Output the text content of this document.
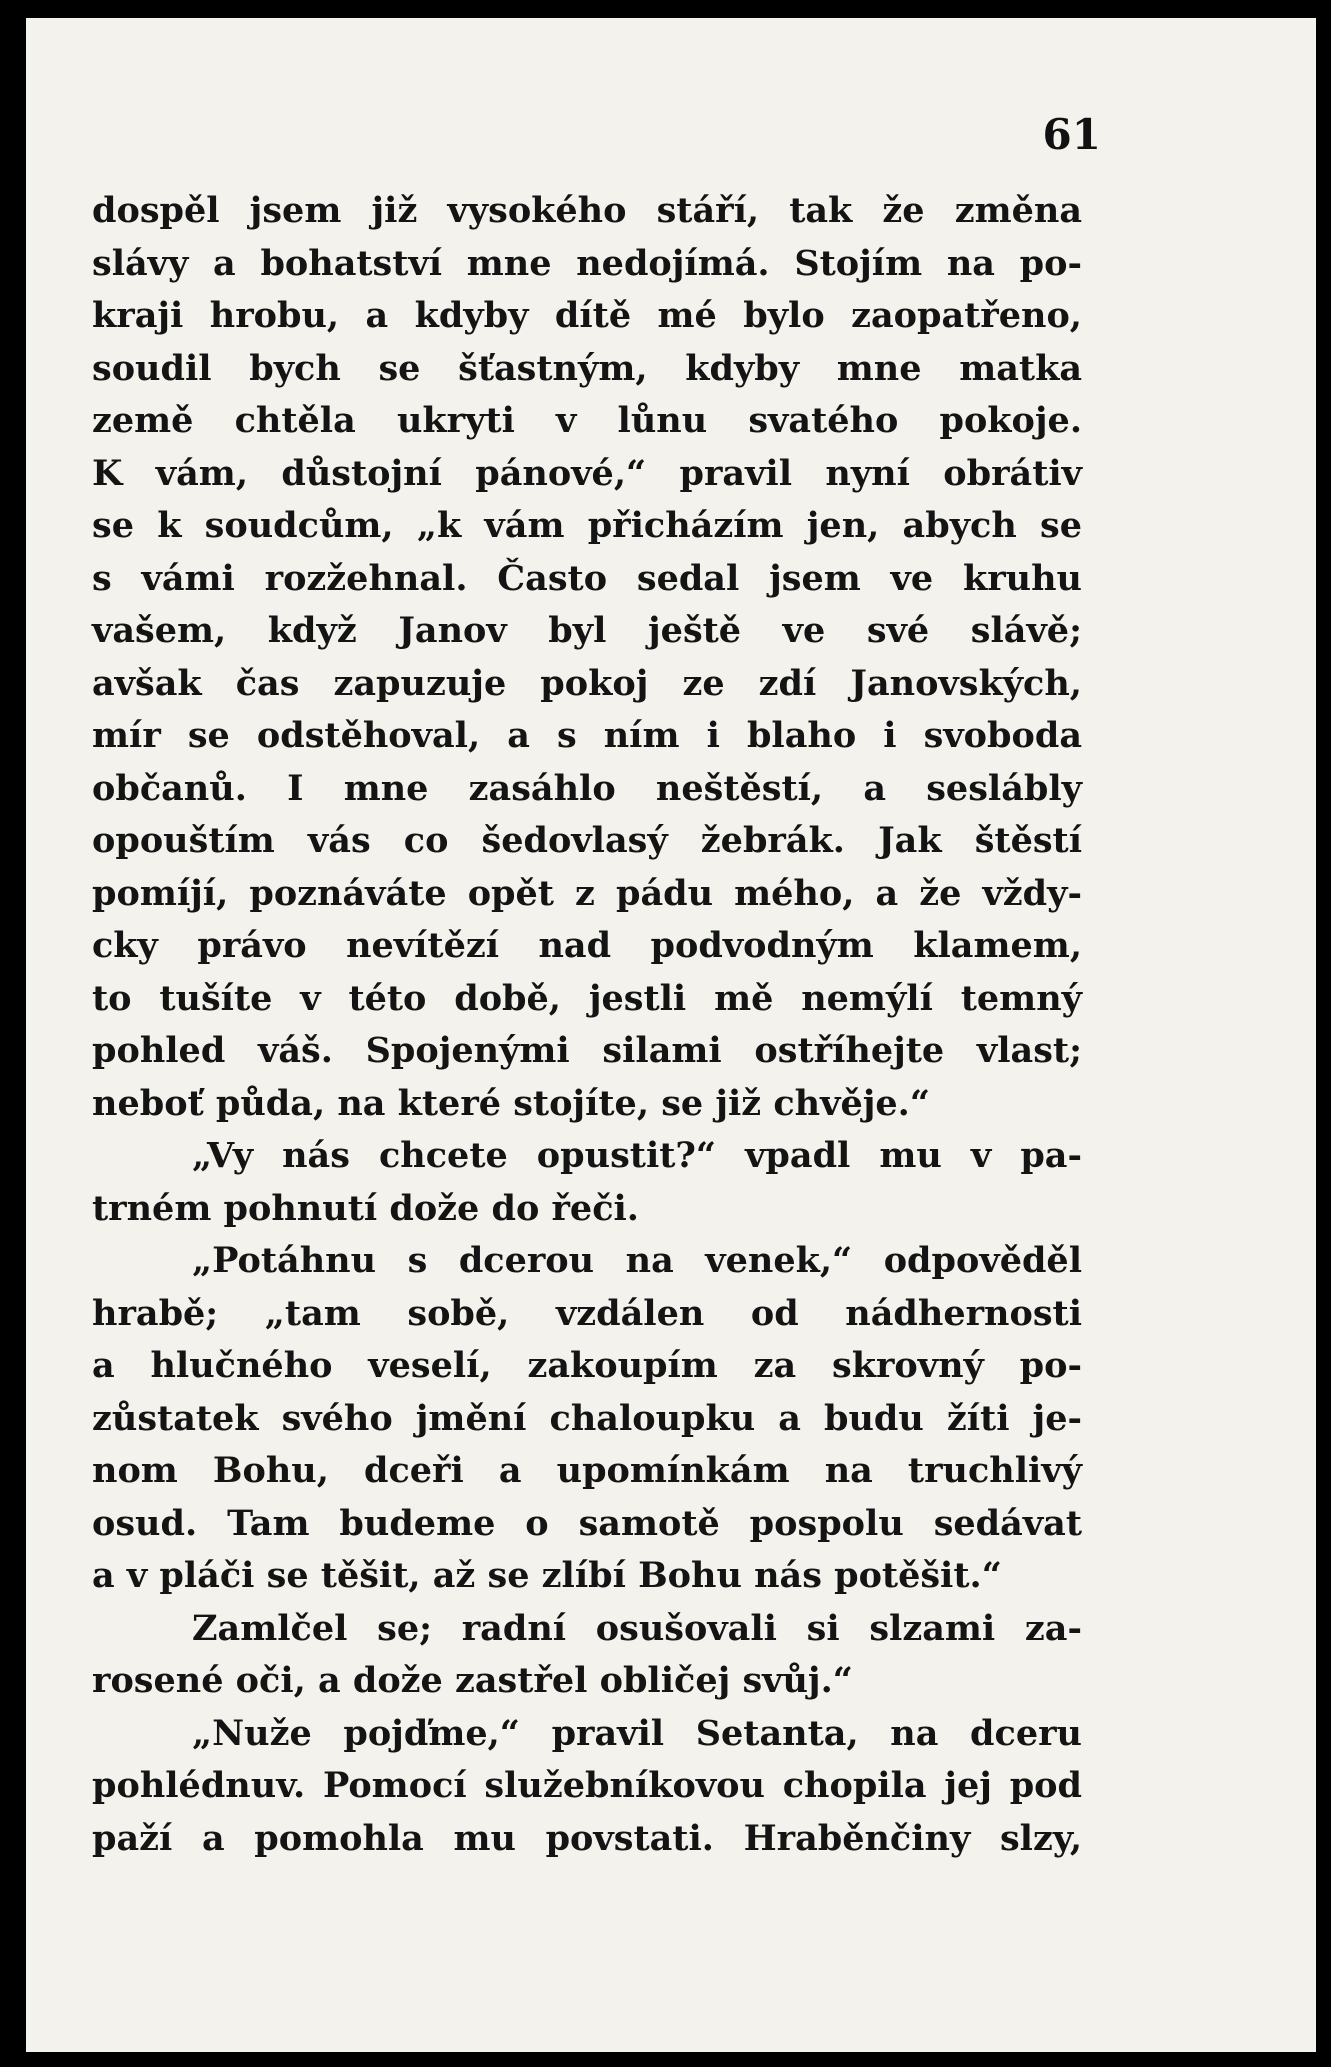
61

dospěl jsem již vysokého stáří, tak že změna
slávy a bohatství mne nedojímá. Stojím na po-
kraji hrobu, a kdyby dítě mé bylo zaopatřeno,
soudil bych se šťastným, kdyby mne matka
země chtěla ukryti v lůnu svatého pokoje.
K vám, důstojní pánové,“ pravil nyní obrátiv
se k soudcům, „k vám přicházím jen, abych se
s vámi rozžehnal. Často sedal jsem ve kruhu
vašem, když Janov byl ještě ve své slávě;
avšak čas zapuzuje pokoj ze zdí Janovských,
mír se odstěhoval, a s ním i blaho i svoboda
občanů. I mne zasáhlo neštěstí, a seslábly
opouštím vás co šedovlasý žebrák. Jak štěstí
pomíjí, poznáváte opět z pádu mého, a že vždy-
cky právo nevítězí nad podvodným klamem,
to tušíte v této době, jestli mě nemýlí temný
pohled váš. Spojenými silami ostříhejte vlast;
neboť půda, na které stojíte, se již chvěje.“
„Vy nás chcete opustit?“ vpadl mu v pa-
trném pohnutí dože do řeči.
„Potáhnu s dcerou na venek,“ odpověděl
hrabě; „tam sobě, vzdálen od nádhernosti
a hlučného veselí, zakoupím za skrovný po-
zůstatek svého jmění chaloupku a budu žíti je-
nom Bohu, dceři a upomínkám na truchlivý
osud. Tam budeme o samotě pospolu sedávat
a v pláči se těšit, až se zlíbí Bohu nás potěšit.“
Zamlčel se; radní osušovali si slzami za-
rosené oči, a dože zastřel obličej svůj.“
„Nuže pojďme,“ pravil Setanta, na dceru
pohlédnuv. Pomocí služebníkovou chopila jej pod
paží a pomohla mu povstati. Hraběnčiny slzy,
